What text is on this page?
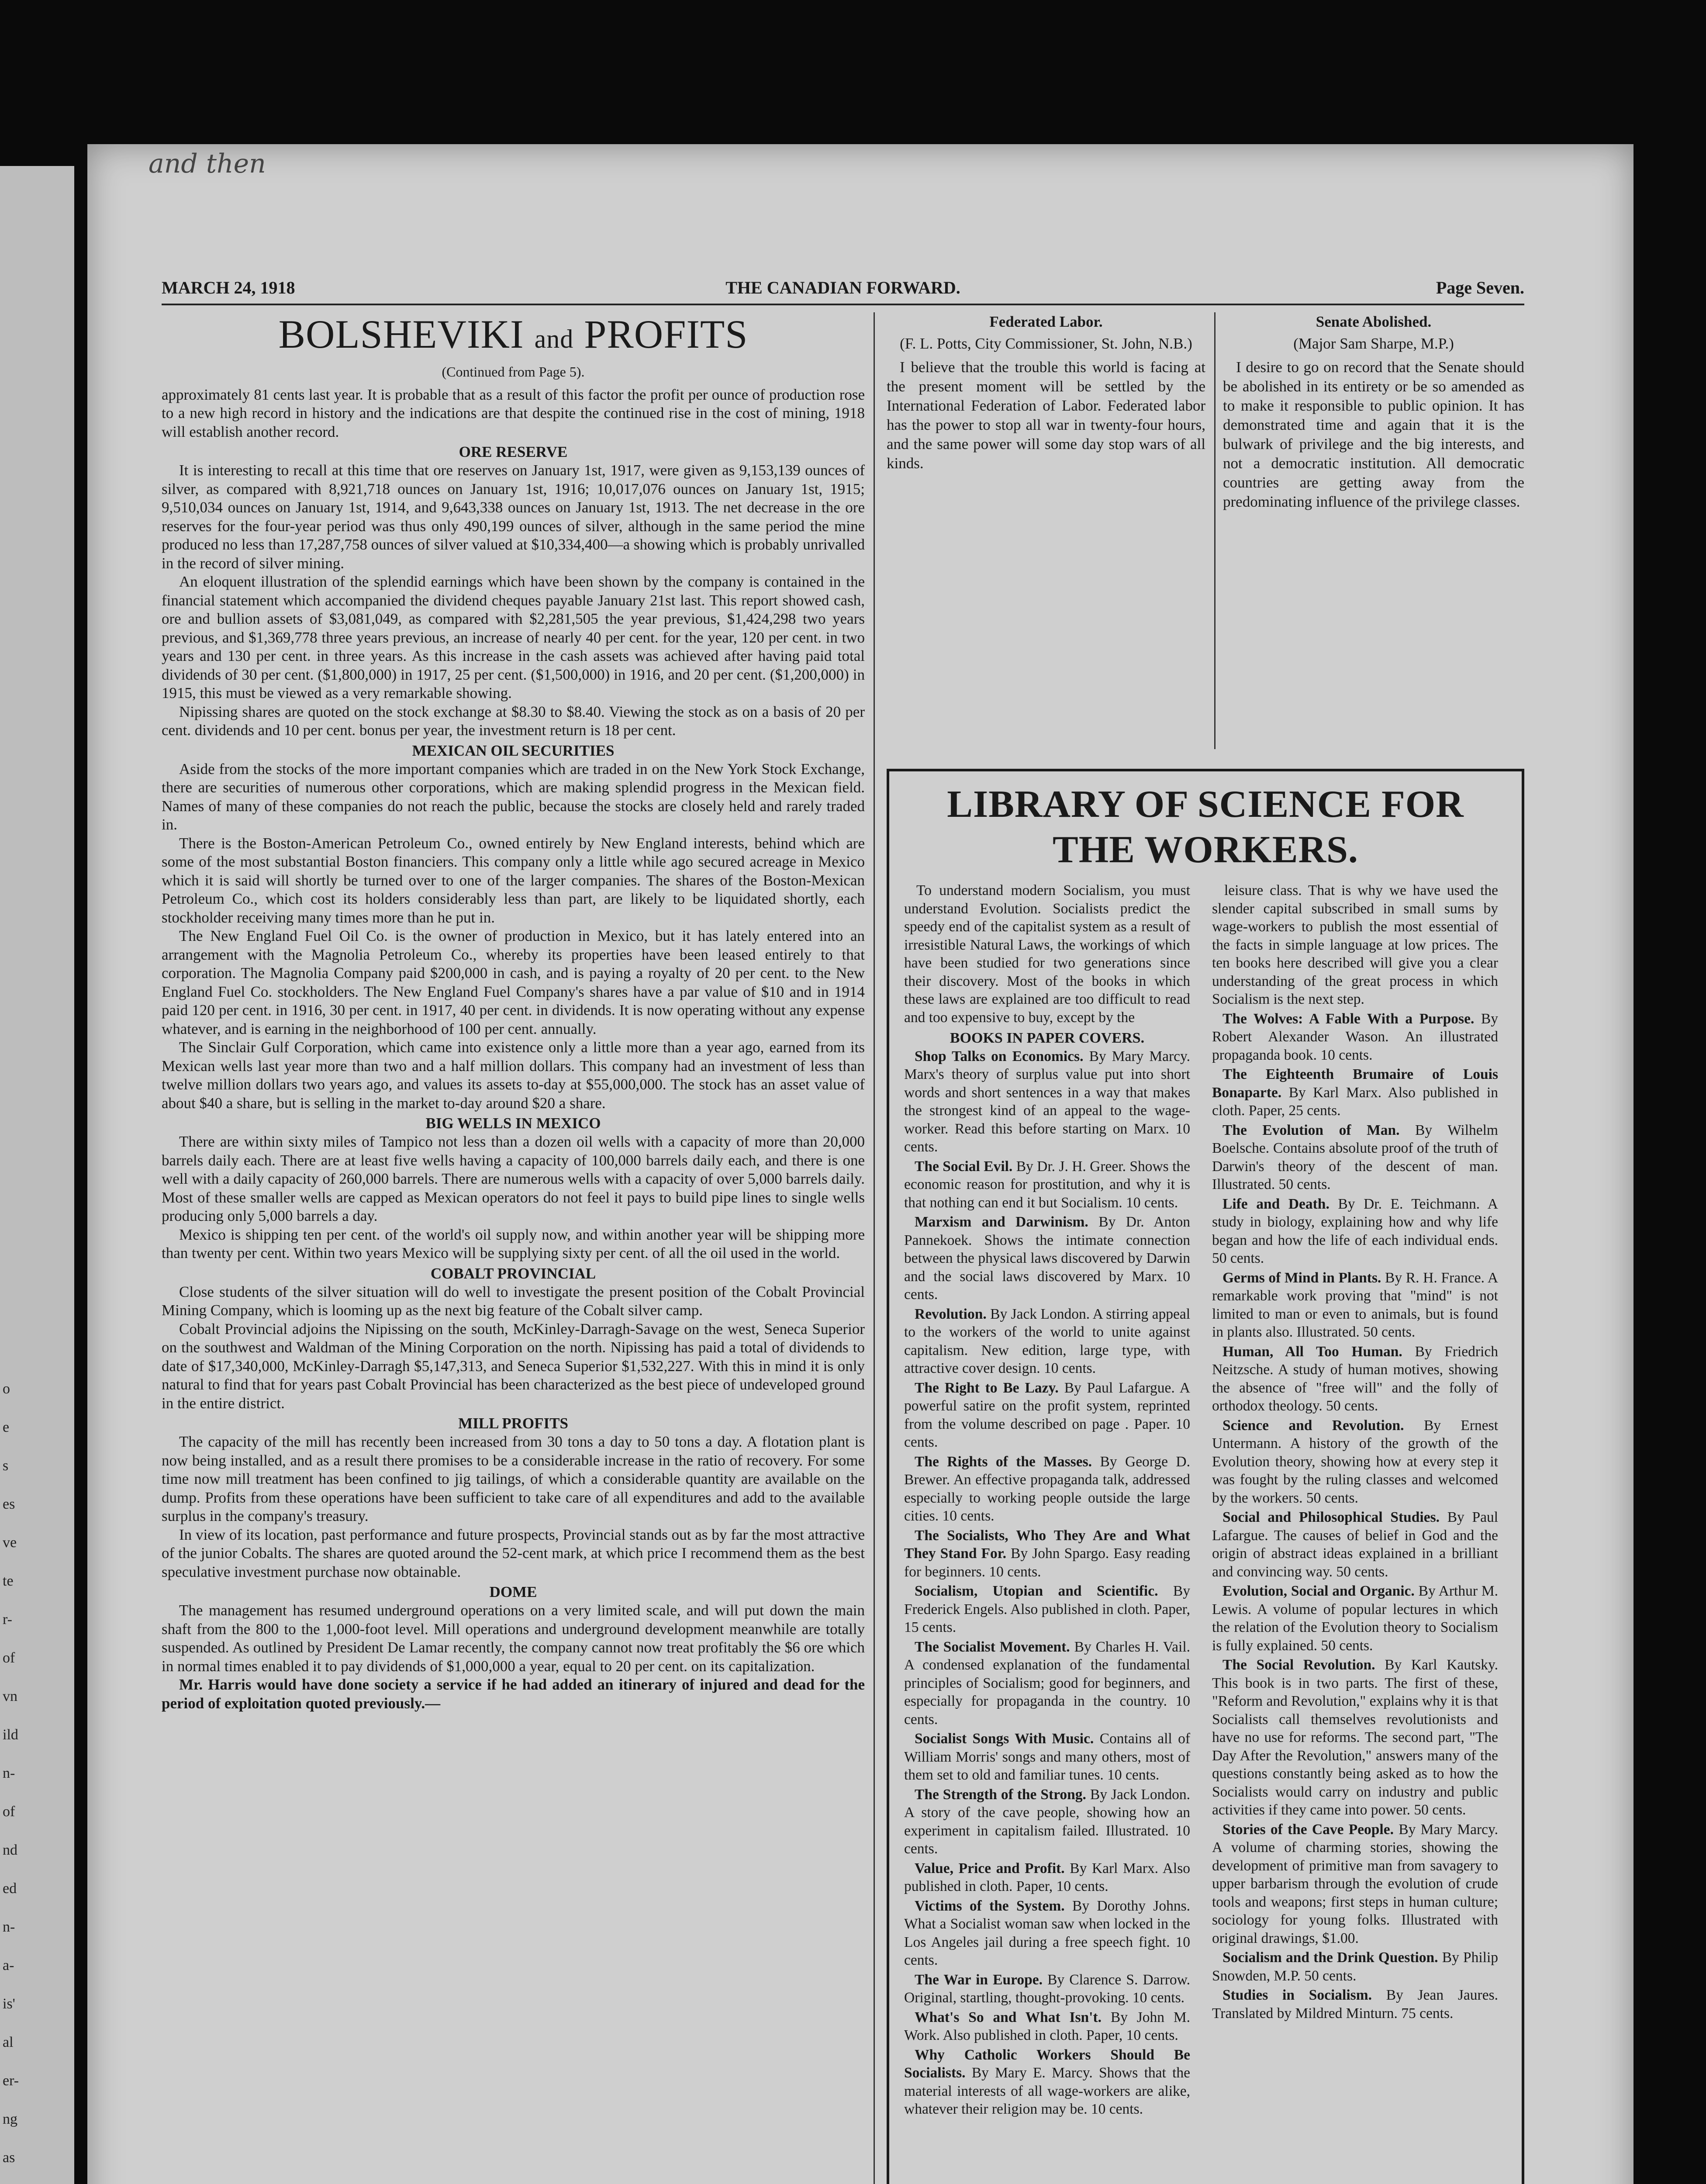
o
e
s
es
ve
te
r-
of
vn
ild
n-
of
nd
ed
n-
a-
is'
al
er-
ng
as
and then
MARCH 24, 1918	THE CANADIAN FORWARD.	Page Seven.
BOLSHEVIKI and PROFITS
(Continued from Page 5).

approximately 81 cents last year. It is probable that as a result of this factor the profit per ounce of production rose to a new high record in history and the indications are that despite the continued rise in the cost of mining, 1918 will establish another record.

ORE RESERVE

It is interesting to recall at this time that ore reserves on January 1st, 1917, were given as 9,153,139 ounces of silver, as compared with 8,921,718 ounces on January 1st, 1916; 10,017,076 ounces on January 1st, 1915; 9,510,034 ounces on January 1st, 1914, and 9,643,338 ounces on January 1st, 1913. The net decrease in the ore reserves for the four-year period was thus only 490,199 ounces of silver, although in the same period the mine produced no less than 17,287,758 ounces of silver valued at $10,334,400—a showing which is probably unrivalled in the record of silver mining.

An eloquent illustration of the splendid earnings which have been shown by the company is contained in the financial statement which accompanied the dividend cheques payable January 21st last. This report showed cash, ore and bullion assets of $3,081,049, as compared with $2,281,505 the year previous, $1,424,298 two years previous, and $1,369,778 three years previous, an increase of nearly 40 per cent. for the year, 120 per cent. in two years and 130 per cent. in three years. As this increase in the cash assets was achieved after having paid total dividends of 30 per cent. ($1,800,000) in 1917, 25 per cent. ($1,500,000) in 1916, and 20 per cent. ($1,200,000) in 1915, this must be viewed as a very remarkable showing.

Nipissing shares are quoted on the stock exchange at $8.30 to $8.40. Viewing the stock as on a basis of 20 per cent. dividends and 10 per cent. bonus per year, the investment return is 18 per cent.

MEXICAN OIL SECURITIES

Aside from the stocks of the more important companies which are traded in on the New York Stock Exchange, there are securities of numerous other corporations, which are making splendid progress in the Mexican field. Names of many of these companies do not reach the public, because the stocks are closely held and rarely traded in.

There is the Boston-American Petroleum Co., owned entirely by New England interests, behind which are some of the most substantial Boston financiers. This company only a little while ago secured acreage in Mexico which it is said will shortly be turned over to one of the larger companies. The shares of the Boston-Mexican Petroleum Co., which cost its holders considerably less than part, are likely to be liquidated shortly, each stockholder receiving many times more than he put in.

The New England Fuel Oil Co. is the owner of production in Mexico, but it has lately entered into an arrangement with the Magnolia Petroleum Co., whereby its properties have been leased entirely to that corporation. The Magnolia Company paid $200,000 in cash, and is paying a royalty of 20 per cent. to the New England Fuel Co. stockholders. The New England Fuel Company's shares have a par value of $10 and in 1914 paid 120 per cent. in 1916, 30 per cent. in 1917, 40 per cent. in dividends. It is now operating without any expense whatever, and is earning in the neighborhood of 100 per cent. annually.

The Sinclair Gulf Corporation, which came into existence only a little more than a year ago, earned from its Mexican wells last year more than two and a half million dollars. This company had an investment of less than twelve million dollars two years ago, and values its assets to-day at $55,000,000. The stock has an asset value of about $40 a share, but is selling in the market to-day around $20 a share.

BIG WELLS IN MEXICO

There are within sixty miles of Tampico not less than a dozen oil wells with a capacity of more than 20,000 barrels daily each. There are at least five wells having a capacity of 100,000 barrels daily each, and there is one well with a daily capacity of 260,000 barrels. There are numerous wells with a capacity of over 5,000 barrels daily. Most of these smaller wells are capped as Mexican operators do not feel it pays to build pipe lines to single wells producing only 5,000 barrels a day.

Mexico is shipping ten per cent. of the world's oil supply now, and within another year will be shipping more than twenty per cent. Within two years Mexico will be supplying sixty per cent. of all the oil used in the world.

COBALT PROVINCIAL

Close students of the silver situation will do well to investigate the present position of the Cobalt Provincial Mining Company, which is looming up as the next big feature of the Cobalt silver camp.

Cobalt Provincial adjoins the Nipissing on the south, McKinley-Darragh-Savage on the west, Seneca Superior on the southwest and Waldman of the Mining Corporation on the north. Nipissing has paid a total of dividends to date of $17,340,000, McKinley-Darragh $5,147,313, and Seneca Superior $1,532,227. With this in mind it is only natural to find that for years past Cobalt Provincial has been characterized as the best piece of undeveloped ground in the entire district.

MILL PROFITS

The capacity of the mill has recently been increased from 30 tons a day to 50 tons a day. A flotation plant is now being installed, and as a result there promises to be a considerable increase in the ratio of recovery. For some time now mill treatment has been confined to jig tailings, of which a considerable quantity are available on the dump. Profits from these operations have been sufficient to take care of all expenditures and add to the available surplus in the company's treasury.

In view of its location, past performance and future prospects, Provincial stands out as by far the most attractive of the junior Cobalts. The shares are quoted around the 52-cent mark, at which price I recommend them as the best speculative investment purchase now obtainable.

DOME

The management has resumed underground operations on a very limited scale, and will put down the main shaft from the 800 to the 1,000-foot level. Mill operations and underground development meanwhile are totally suspended. As outlined by President De Lamar recently, the company cannot now treat profitably the $6 ore which in normal times enabled it to pay dividends of $1,000,000 a year, equal to 20 per cent. on its capitalization.

Mr. Harris would have done society a service if he had added an itinerary of injured and dead for the period of exploitation quoted previously.—

Federated Labor.
(F. L. Potts, City Commissioner, St. John, N.B.)

I believe that the trouble this world is facing at the present moment will be settled by the International Federation of Labor. Federated labor has the power to stop all war in twenty-four hours, and the same power will some day stop wars of all kinds.

Senate Abolished.
(Major Sam Sharpe, M.P.)

I desire to go on record that the Senate should be abolished in its entirety or be so amended as to make it responsible to public opinion. It has demonstrated time and again that it is the bulwark of privilege and the big interests, and not a democratic institution. All democratic countries are getting away from the predominating influence of the privilege classes.

LIBRARY OF SCIENCE FOR THE WORKERS.

To understand modern Socialism, you must understand Evolution. Socialists predict the speedy end of the capitalist system as a result of irresistible Natural Laws, the workings of which have been studied for two generations since their discovery. Most of the books in which these laws are explained are too difficult to read and too expensive to buy, except by the

BOOKS IN PAPER COVERS.

Shop Talks on Economics. By Mary Marcy. Marx's theory of surplus value put into short words and short sentences in a way that makes the strongest kind of an appeal to the wage-worker. Read this before starting on Marx. 10 cents.

The Social Evil. By Dr. J. H. Greer. Shows the economic reason for prostitution, and why it is that nothing can end it but Socialism. 10 cents.

Marxism and Darwinism. By Dr. Anton Pannekoek. Shows the intimate connection between the physical laws discovered by Darwin and the social laws discovered by Marx. 10 cents.

Revolution. By Jack London. A stirring appeal to the workers of the world to unite against capitalism. New edition, large type, with attractive cover design. 10 cents.

The Right to Be Lazy. By Paul Lafargue. A powerful satire on the profit system, reprinted from the volume described on page . Paper. 10 cents.

The Rights of the Masses. By George D. Brewer. An effective propaganda talk, addressed especially to working people outside the large cities. 10 cents.

The Socialists, Who They Are and What They Stand For. By John Spargo. Easy reading for beginners. 10 cents.

Socialism, Utopian and Scientific. By Frederick Engels. Also published in cloth. Paper, 15 cents.

The Socialist Movement. By Charles H. Vail. A condensed explanation of the fundamental principles of Socialism; good for beginners, and especially for propaganda in the country. 10 cents.

Socialist Songs With Music. Contains all of William Morris' songs and many others, most of them set to old and familiar tunes. 10 cents.

The Strength of the Strong. By Jack London. A story of the cave people, showing how an experiment in capitalism failed. Illustrated. 10 cents.

Value, Price and Profit. By Karl Marx. Also published in cloth. Paper, 10 cents.

Victims of the System. By Dorothy Johns. What a Socialist woman saw when locked in the Los Angeles jail during a free speech fight. 10 cents.

The War in Europe. By Clarence S. Darrow. Original, startling, thought-provoking. 10 cents.

What's So and What Isn't. By John M. Work. Also published in cloth. Paper, 10 cents.

Why Catholic Workers Should Be Socialists. By Mary E. Marcy. Shows that the material interests of all wage-workers are alike, whatever their religion may be. 10 cents.

leisure class. That is why we have used the slender capital subscribed in small sums by wage-workers to publish the most essential of the facts in simple language at low prices. The ten books here described will give you a clear understanding of the great process in which Socialism is the next step.

The Wolves: A Fable With a Purpose. By Robert Alexander Wason. An illustrated propaganda book. 10 cents.

The Eighteenth Brumaire of Louis Bonaparte. By Karl Marx. Also published in cloth. Paper, 25 cents.

The Evolution of Man. By Wilhelm Boelsche. Contains absolute proof of the truth of Darwin's theory of the descent of man. Illustrated. 50 cents.

Life and Death. By Dr. E. Teichmann. A study in biology, explaining how and why life began and how the life of each individual ends. 50 cents.

Germs of Mind in Plants. By R. H. France. A remarkable work proving that "mind" is not limited to man or even to animals, but is found in plants also. Illustrated. 50 cents.

Human, All Too Human. By Friedrich Neitzsche. A study of human motives, showing the absence of "free will" and the folly of orthodox theology. 50 cents.

Science and Revolution. By Ernest Untermann. A history of the growth of the Evolution theory, showing how at every step it was fought by the ruling classes and welcomed by the workers. 50 cents.

Social and Philosophical Studies. By Paul Lafargue. The causes of belief in God and the origin of abstract ideas explained in a brilliant and convincing way. 50 cents.

Evolution, Social and Organic. By Arthur M. Lewis. A volume of popular lectures in which the relation of the Evolution theory to Socialism is fully explained. 50 cents.

The Social Revolution. By Karl Kautsky. This book is in two parts. The first of these, "Reform and Revolution," explains why it is that Socialists call themselves revolutionists and have no use for reforms. The second part, "The Day After the Revolution," answers many of the questions constantly being asked as to how the Socialists would carry on industry and public activities if they came into power. 50 cents.

Stories of the Cave People. By Mary Marcy. A volume of charming stories, showing the development of primitive man from savagery to upper barbarism through the evolution of crude tools and weapons; first steps in human culture; sociology for young folks. Illustrated with original drawings, $1.00.

Socialism and the Drink Question. By Philip Snowden, M.P. 50 cents.

Studies in Socialism. By Jean Jaures. Translated by Mildred Minturn. 75 cents.
